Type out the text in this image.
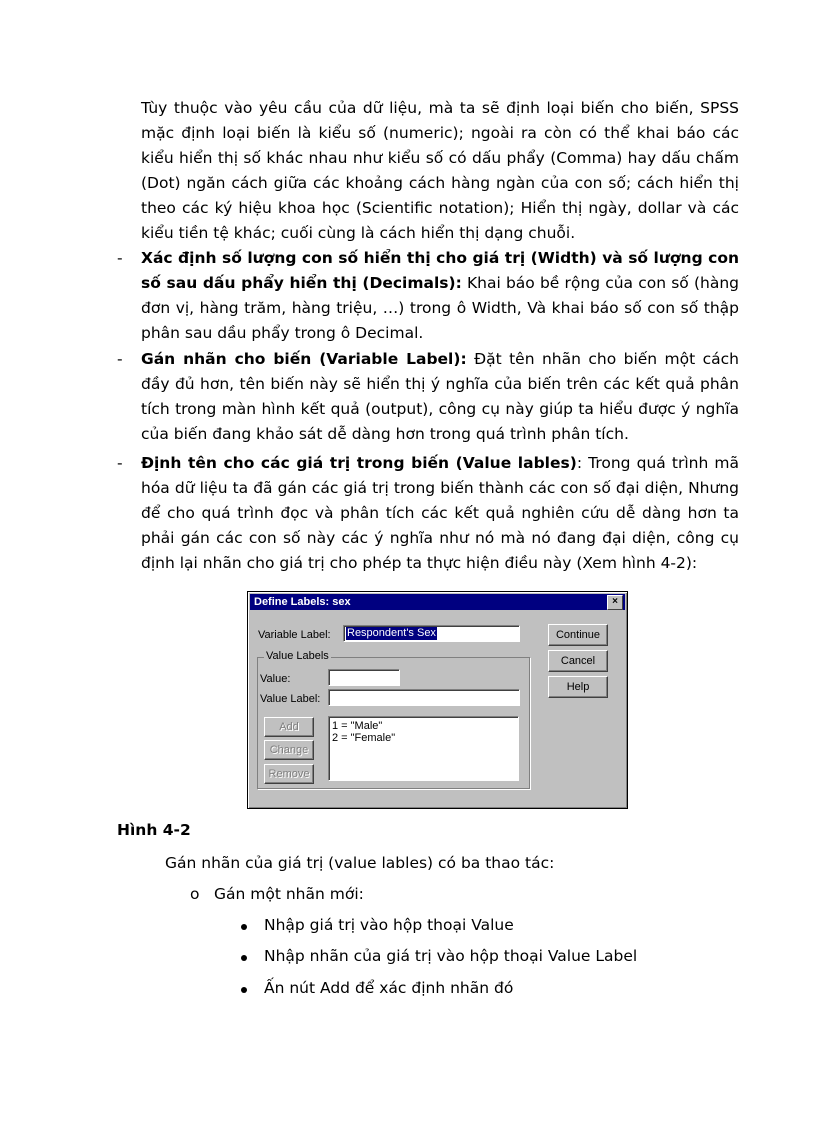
Tùy thuộc vào yêu cầu của dữ liệu, mà ta sẽ định loại biến cho biến, SPSS mặc định loại biến là kiểu số (numeric); ngoài ra còn có thể khai báo các kiểu hiển thị số khác nhau như kiểu số có dấu phẩy (Comma) hay dấu chấm (Dot) ngăn cách giữa các khoảng cách hàng ngàn của con số; cách hiển thị theo các ký hiệu khoa học (Scientific notation); Hiển thị ngày, dollar và các kiểu tiền tệ khác; cuối cùng là cách hiển thị dạng chuỗi.

- Xác định số lượng con số hiển thị cho giá trị (Width) và số lượng con số sau dấu phẩy hiển thị (Decimals): Khai báo bề rộng của con số (hàng đơn vị, hàng trăm, hàng triệu, …) trong ô Width, Và khai báo số con số thập phân sau dầu phẩy trong ô Decimal.

- Gán nhãn cho biến (Variable Label): Đặt tên nhãn cho biến một cách đầy đủ hơn, tên biến này sẽ hiển thị ý nghĩa của biến trên các kết quả phân tích trong màn hình kết quả (output), công cụ này giúp ta hiểu được ý nghĩa của biến đang khảo sát dễ dàng hơn trong quá trình phân tích.

- Định tên cho các giá trị trong biến (Value lables): Trong quá trình mã hóa dữ liệu ta đã gán các giá trị trong biến thành các con số đại diện, Nhưng để cho quá trình đọc và phân tích các kết quả nghiên cứu dễ dàng hơn ta phải gán các con số này các ý nghĩa như nó mà nó đang đại diện, công cụ định lại nhãn cho giá trị cho phép ta thực hiện điều này (Xem hình 4-2):

Define Labels: sex	×
Variable Label:	Respondent's Sex	Continue
Cancel
Help
Value Labels
Value:
Value Label:
Add
Change
Remove
1 = "Male"
2 = "Female"
Hình 4-2
Gán nhãn của giá trị (value lables) có ba thao tác:
o Gán một nhãn mới:
Nhập giá trị vào hộp thoại Value
Nhập nhãn của giá trị vào hộp thoại Value Label
Ấn nút Add để xác định nhãn đó
